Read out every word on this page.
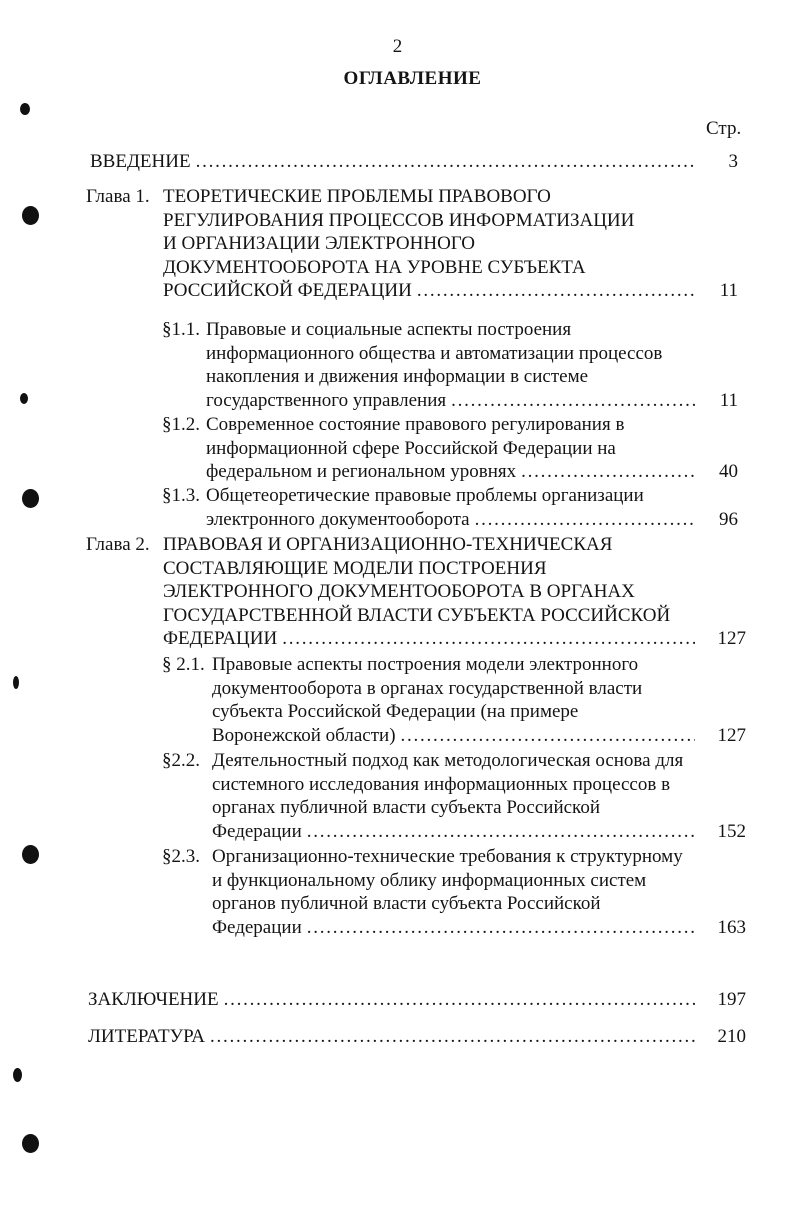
2
ОГЛАВЛЕНИЕ
Стр.
ВВЕДЕНИЕ
. . .
Глава 1. ТЕОРЕТИЧЕСКИЕ ПРОБЛЕМЫ ПРАВОВОГО
РЕГУЛИРОВАНИЯ ПРОЦЕССОВ ИНФОРМАТИЗАЦИИ
И ОРГАНИЗАЦИИ ЭЛЕКТРОННОГО
ДОКУМЕНТООБОРОТА НА УРОВНЕ СУБЪЕКТА
РОССИЙСКОЙ ФЕДЕРАЦИИ
. . .
§1.1. Правовые и социальные аспекты построения
информационного общества и автоматизации процессов
накопления и движения информации в системе
государственного управления
. . .
§1.2. Современное состояние правового регулирования в
информационной сфере Российской Федерации на
федеральном и региональном уровнях
. . .
§1.3. Общетеоретические правовые проблемы организации
электронного документооборота
. . .
Глава 2. ПРАВОВАЯ И ОРГАНИЗАЦИОННО-ТЕХНИЧЕСКАЯ
СОСТАВЛЯЮЩИЕ МОДЕЛИ ПОСТРОЕНИЯ
ЭЛЕКТРОННОГО ДОКУМЕНТООБОРОТА В ОРГАНАХ
ГОСУДАРСТВЕННОЙ ВЛАСТИ СУБЪЕКТА РОССИЙСКОЙ
ФЕДЕРАЦИИ
. . .
§ 2.1. Правовые аспекты построения модели электронного
документооборота в органах государственной власти
субъекта Российской Федерации (на примере
Воронежской области)
. . .
§2.2. Деятельностный подход как методологическая основа для
системного исследования информационных процессов в
органах публичной власти субъекта Российской
Федерации
. . .
§2.3. Организационно-технические требования к структурному
и функциональному облику информационных систем
органов публичной власти субъекта Российской
Федерации
. . .
ЗАКЛЮЧЕНИЕ
. . .
ЛИТЕРАТУРА
. . .
3
11
11
40
96
127
127
152
163
197
210
